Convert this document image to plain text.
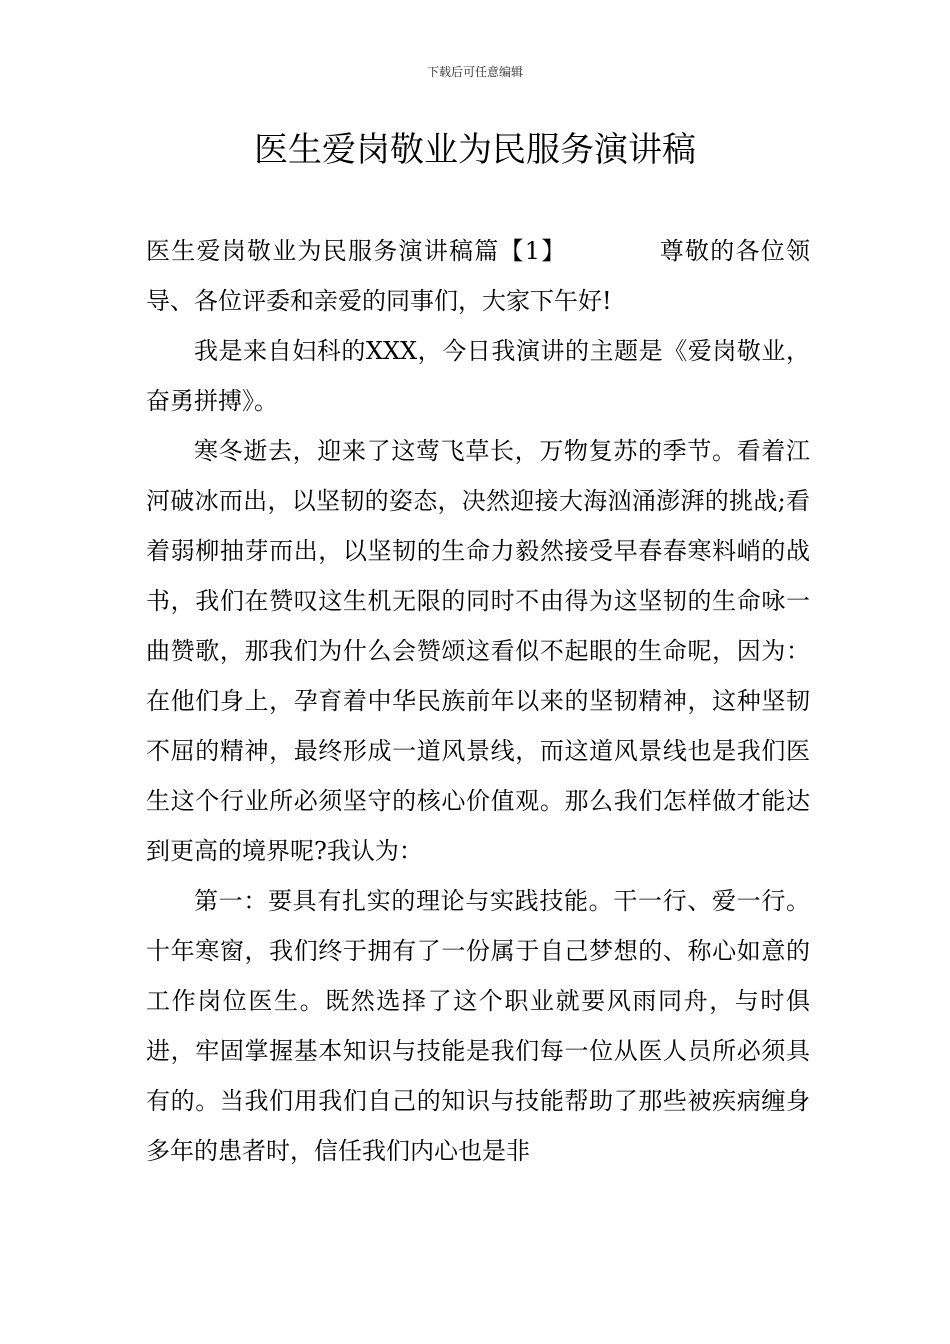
下载后可任意编辑
医生爱岗敬业为民服务演讲稿

医生爱岗敬业为民服务演讲稿篇【1】	尊敬的各位领导、各位评委和亲爱的同事们，大家下午好!

我是来自妇科的XXX，今日我演讲的主题是《爱岗敬业，奋勇拼搏》。

寒冬逝去，迎来了这莺飞草长，万物复苏的季节。看着江河破冰而出，以坚韧的姿态，决然迎接大海汹涌澎湃的挑战;看着弱柳抽芽而出，以坚韧的生命力毅然接受早春春寒料峭的战书，我们在赞叹这生机无限的同时不由得为这坚韧的生命咏一曲赞歌，那我们为什么会赞颂这看似不起眼的生命呢，因为：在他们身上，孕育着中华民族前年以来的坚韧精神，这种坚韧不屈的精神，最终形成一道风景线，而这道风景线也是我们医生这个行业所必须坚守的核心价值观。那么我们怎样做才能达到更高的境界呢?我认为：

第一：要具有扎实的理论与实践技能。干一行、爱一行。十年寒窗，我们终于拥有了一份属于自己梦想的、称心如意的工作岗位医生。既然选择了这个职业就要风雨同舟，与时俱进，牢固掌握基本知识与技能是我们每一位从医人员所必须具有的。当我们用我们自己的知识与技能帮助了那些被疾病缠身多年的患者时，信任我们内心也是非
